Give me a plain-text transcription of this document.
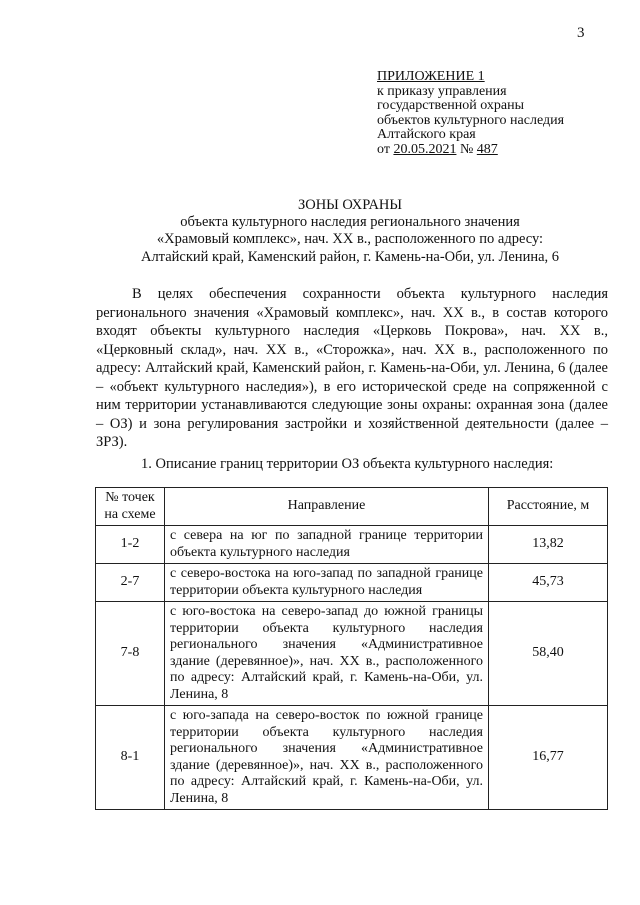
3
ПРИЛОЖЕНИЕ 1
к приказу управления
государственной охраны
объектов культурного наследия
Алтайского края
от 20.05.2021 № 487
ЗОНЫ ОХРАНЫ
объекта культурного наследия регионального значения
«Храмовый комплекс», нач. XX в., расположенного по адресу:
Алтайский край, Каменский район, г. Камень-на-Оби, ул. Ленина, 6
В целях обеспечения сохранности объекта культурного наследия регионального значения «Храмовый комплекс», нач. XX в., в состав которого входят объекты культурного наследия «Церковь Покрова», нач. XX в., «Церковный склад», нач. XX в., «Сторожка», нач. XX в., расположенного по адресу: Алтайский край, Каменский район, г. Камень-на-Оби, ул. Ленина, 6 (далее – «объект культурного наследия»), в его исторической среде на сопряженной с ним территории устанавливаются следующие зоны охраны: охранная зона (далее – ОЗ) и зона регулирования застройки и хозяйственной деятельности (далее – ЗРЗ).
1. Описание границ территории ОЗ объекта культурного наследия:
№ точек на схеме	Направление	Расстояние, м
1-2	с севера на юг по западной границе территории объекта культурного наследия	13,82
2-7	с северо-востока на юго-запад по западной границе территории объекта культурного наследия	45,73
7-8	с юго-востока на северо-запад до южной границы территории объекта культурного наследия регионального значения «Административное здание (деревянное)», нач. XX в., расположенного по адресу: Алтайский край, г. Камень-на-Оби, ул. Ленина, 8	58,40
8-1	с юго-запада на северо-восток по южной границе территории объекта культурного наследия регионального значения «Административное здание (деревянное)», нач. XX в., расположенного по адресу: Алтайский край, г. Камень-на-Оби, ул. Ленина, 8	16,77
